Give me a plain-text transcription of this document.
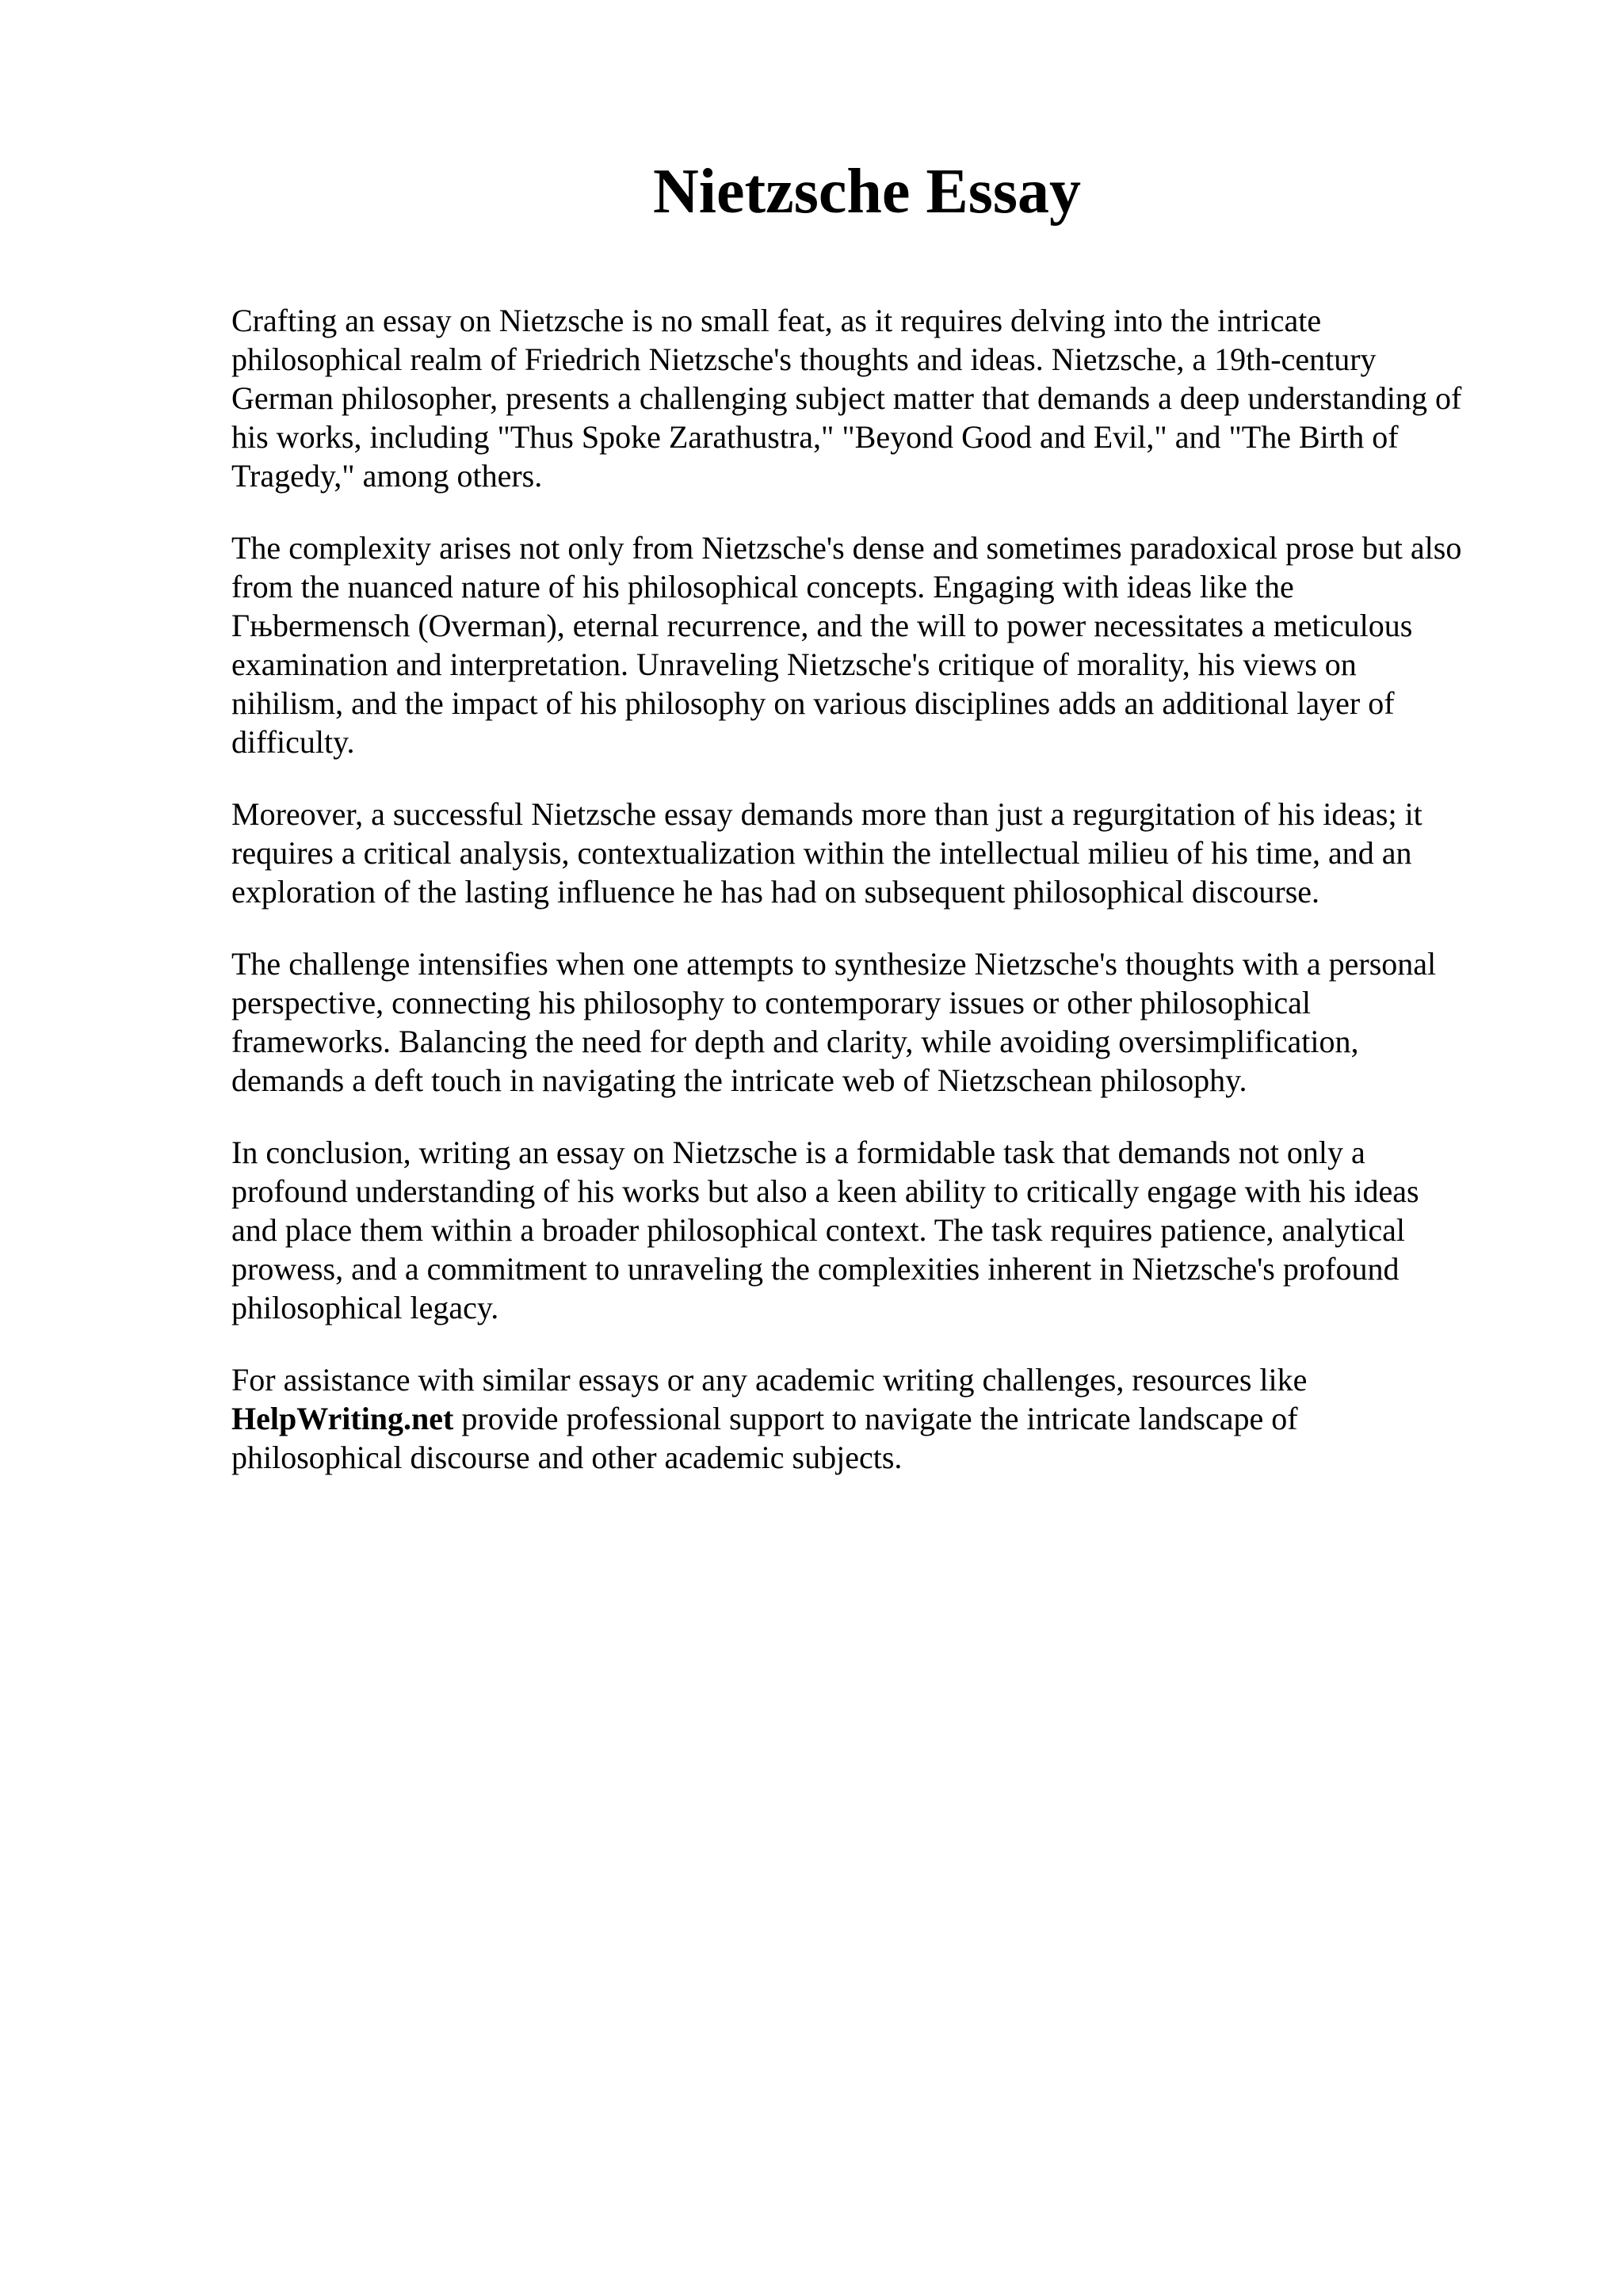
Nietzsche Essay

Crafting an essay on Nietzsche is no small feat, as it requires delving into the intricate
philosophical realm of Friedrich Nietzsche's thoughts and ideas. Nietzsche, a 19th-century
German philosopher, presents a challenging subject matter that demands a deep understanding of
his works, including "Thus Spoke Zarathustra," "Beyond Good and Evil," and "The Birth of
Tragedy," among others.

The complexity arises not only from Nietzsche's dense and sometimes paradoxical prose but also
from the nuanced nature of his philosophical concepts. Engaging with ideas like the
Гњbermensch (Overman), eternal recurrence, and the will to power necessitates a meticulous
examination and interpretation. Unraveling Nietzsche's critique of morality, his views on
nihilism, and the impact of his philosophy on various disciplines adds an additional layer of
difficulty.

Moreover, a successful Nietzsche essay demands more than just a regurgitation of his ideas; it
requires a critical analysis, contextualization within the intellectual milieu of his time, and an
exploration of the lasting influence he has had on subsequent philosophical discourse.

The challenge intensifies when one attempts to synthesize Nietzsche's thoughts with a personal
perspective, connecting his philosophy to contemporary issues or other philosophical
frameworks. Balancing the need for depth and clarity, while avoiding oversimplification,
demands a deft touch in navigating the intricate web of Nietzschean philosophy.

In conclusion, writing an essay on Nietzsche is a formidable task that demands not only a
profound understanding of his works but also a keen ability to critically engage with his ideas
and place them within a broader philosophical context. The task requires patience, analytical
prowess, and a commitment to unraveling the complexities inherent in Nietzsche's profound
philosophical legacy.

For assistance with similar essays or any academic writing challenges, resources like
HelpWriting.net provide professional support to navigate the intricate landscape of
philosophical discourse and other academic subjects.
